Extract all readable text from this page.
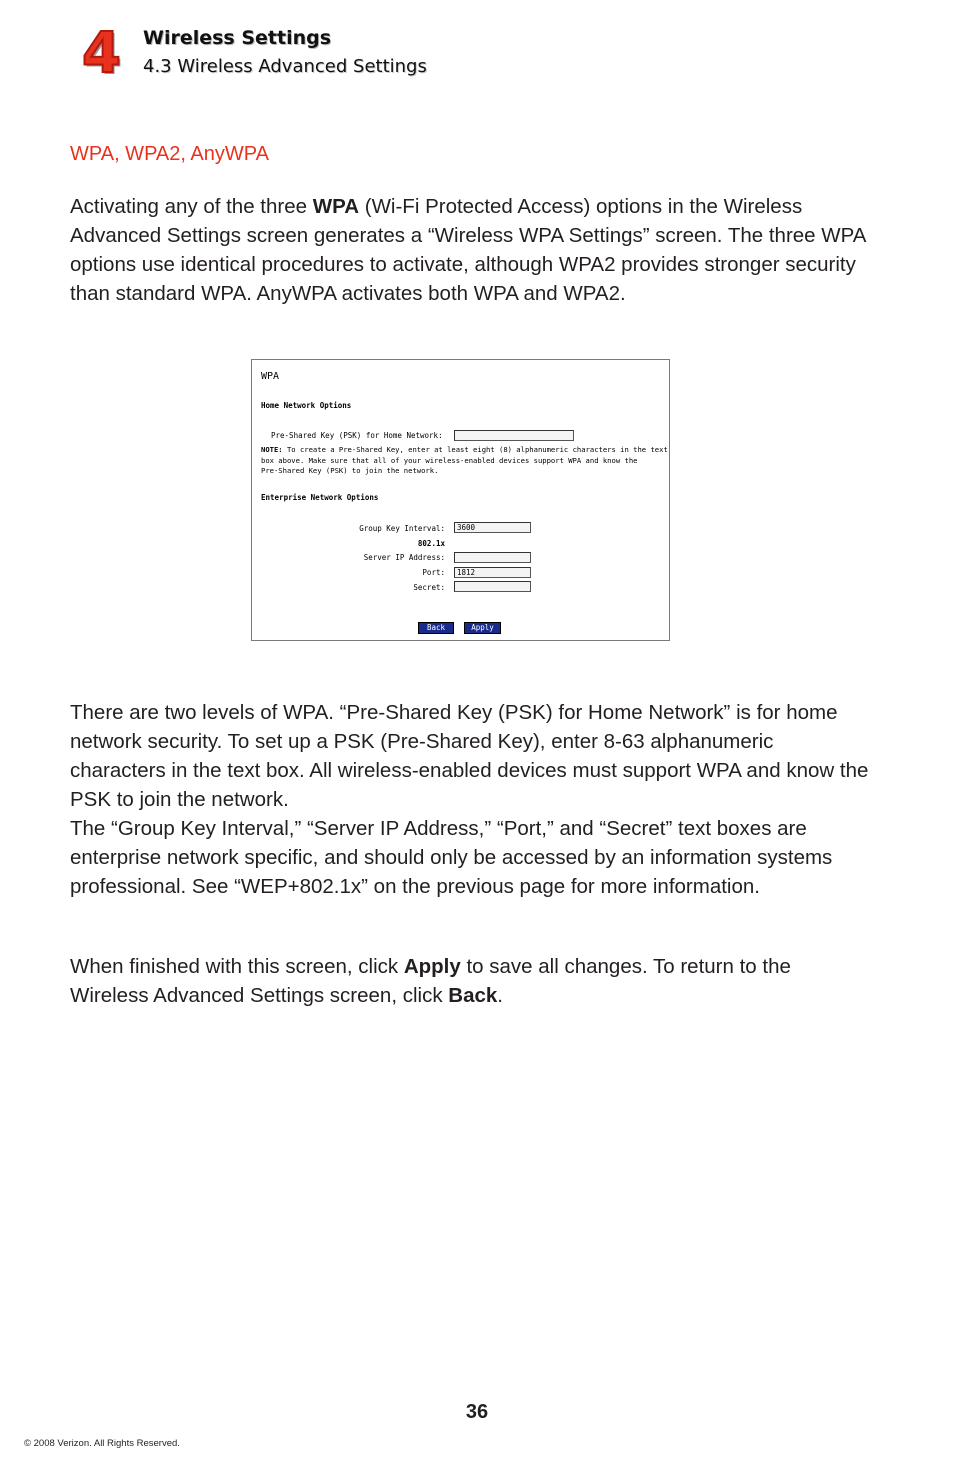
4 Wireless Settings
4.3 Wireless Advanced Settings
WPA, WPA2, AnyWPA

Activating any of the three WPA (Wi-Fi Protected Access) options in the Wireless Advanced Settings screen generates a “Wireless WPA Settings” screen. The three WPA options use identical procedures to activate, although WPA2 provides stronger security than standard WPA. AnyWPA activates both WPA and WPA2.

WPA
Home Network Options
Pre-Shared Key (PSK) for Home Network:
NOTE: To create a Pre-Shared Key, enter at least eight (8) alphanumeric characters in the text
box above. Make sure that all of your wireless-enabled devices support WPA and know the
Pre-Shared Key (PSK) to join the network.
Enterprise Network Options
Group Key Interval:	3600
802.1x
Server IP Address:
Port:	1812
Secret:
Back	Apply

There are two levels of WPA. “Pre-Shared Key (PSK) for Home Network” is for home network security. To set up a PSK (Pre-Shared Key), enter 8-63 alphanumeric characters in the text box. All wireless-enabled devices must support WPA and know the PSK to join the network.

The “Group Key Interval,” “Server IP Address,” “Port,” and “Secret” text boxes are enterprise network specific, and should only be accessed by an information systems professional. See “WEP+802.1x” on the previous page for more information.

When finished with this screen, click Apply to save all changes. To return to the Wireless Advanced Settings screen, click Back.

36
© 2008 Verizon. All Rights Reserved.
